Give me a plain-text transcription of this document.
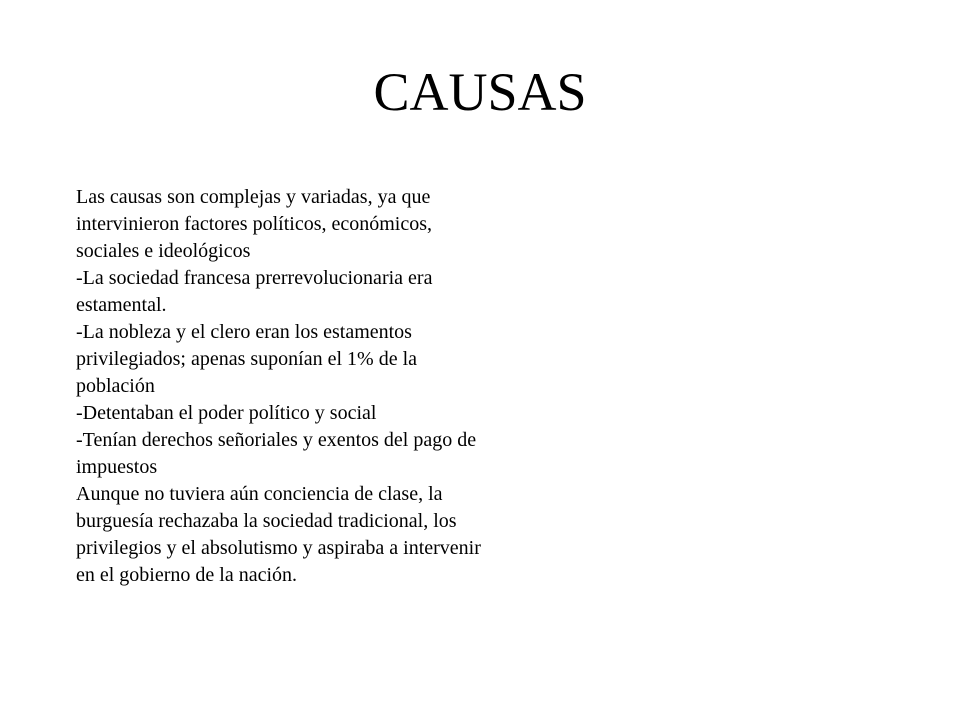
CAUSAS
Las causas son complejas y variadas, ya que
intervinieron factores políticos, económicos,
sociales e ideológicos
-La sociedad francesa prerrevolucionaria era
estamental.
-La nobleza y el clero eran los estamentos
privilegiados; apenas suponían el 1% de la
población
-Detentaban el poder político y social
-Tenían derechos señoriales y exentos del pago de
impuestos
Aunque no tuviera aún conciencia de clase, la
burguesía rechazaba la sociedad tradicional, los
privilegios y el absolutismo y aspiraba a intervenir
en el gobierno de la nación.
